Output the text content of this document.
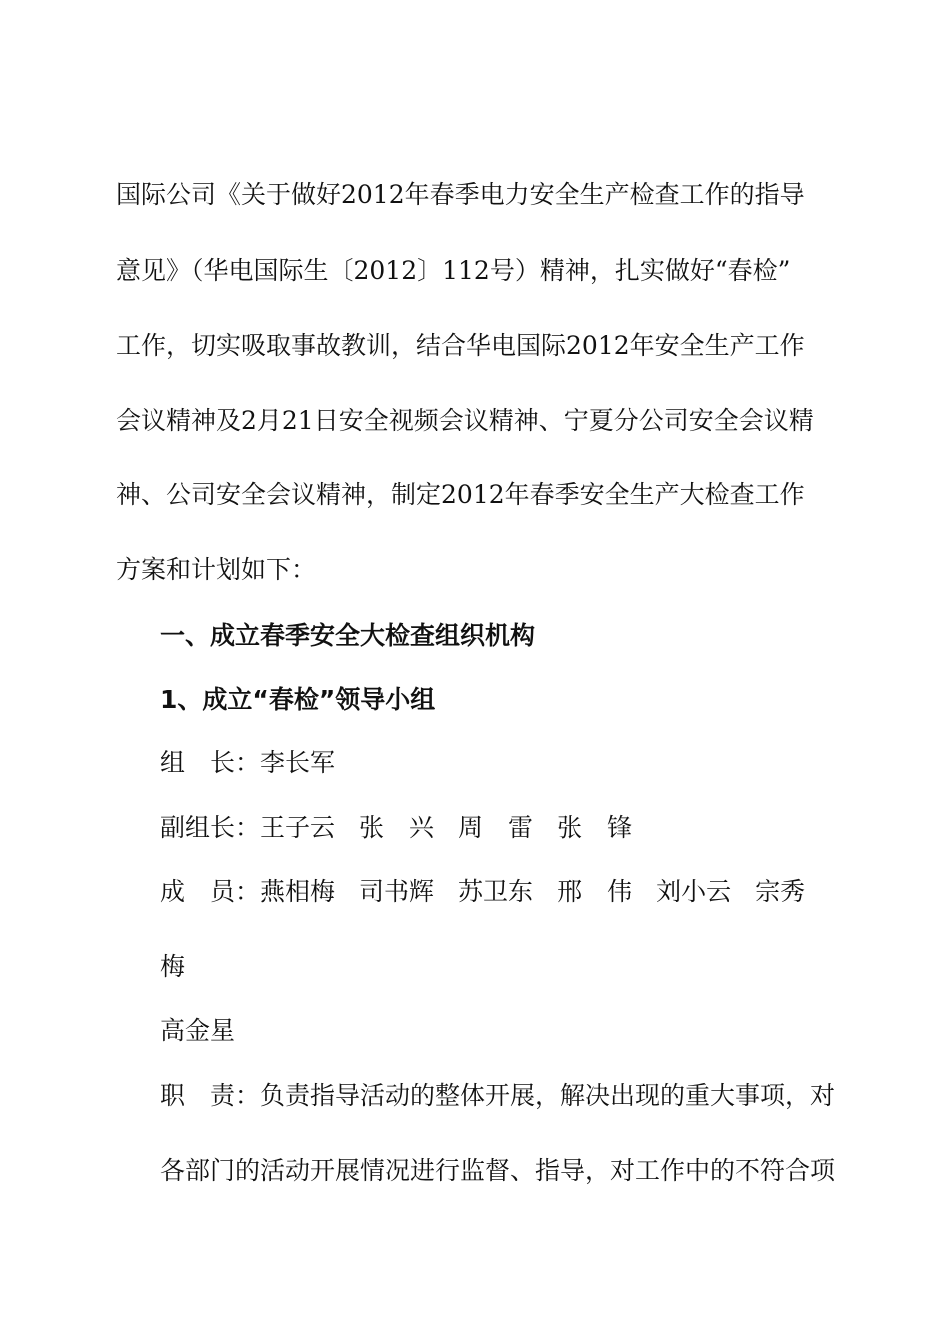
国际公司《关于做好2012年春季电力安全生产检查工作的指导
意见》（华电国际生〔2012〕112号）精神，扎实做好“春检”
工作，切实吸取事故教训，结合华电国际2012年安全生产工作
会议精神及2月21日安全视频会议精神、宁夏分公司安全会议精
神、公司安全会议精神，制定2012年春季安全生产大检查工作
方案和计划如下：
一、成立春季安全大检查组织机构
1、成立“春检”领导小组
组　长：李长军
副组长：王子云 张　兴 周　雷 张　锋
成　员：燕相梅 司书辉 苏卫东 邢　伟 刘小云 宗秀
梅
高金星
职　责：负责指导活动的整体开展，解决出现的重大事项，对
各部门的活动开展情况进行监督、指导，对工作中的不符合项
